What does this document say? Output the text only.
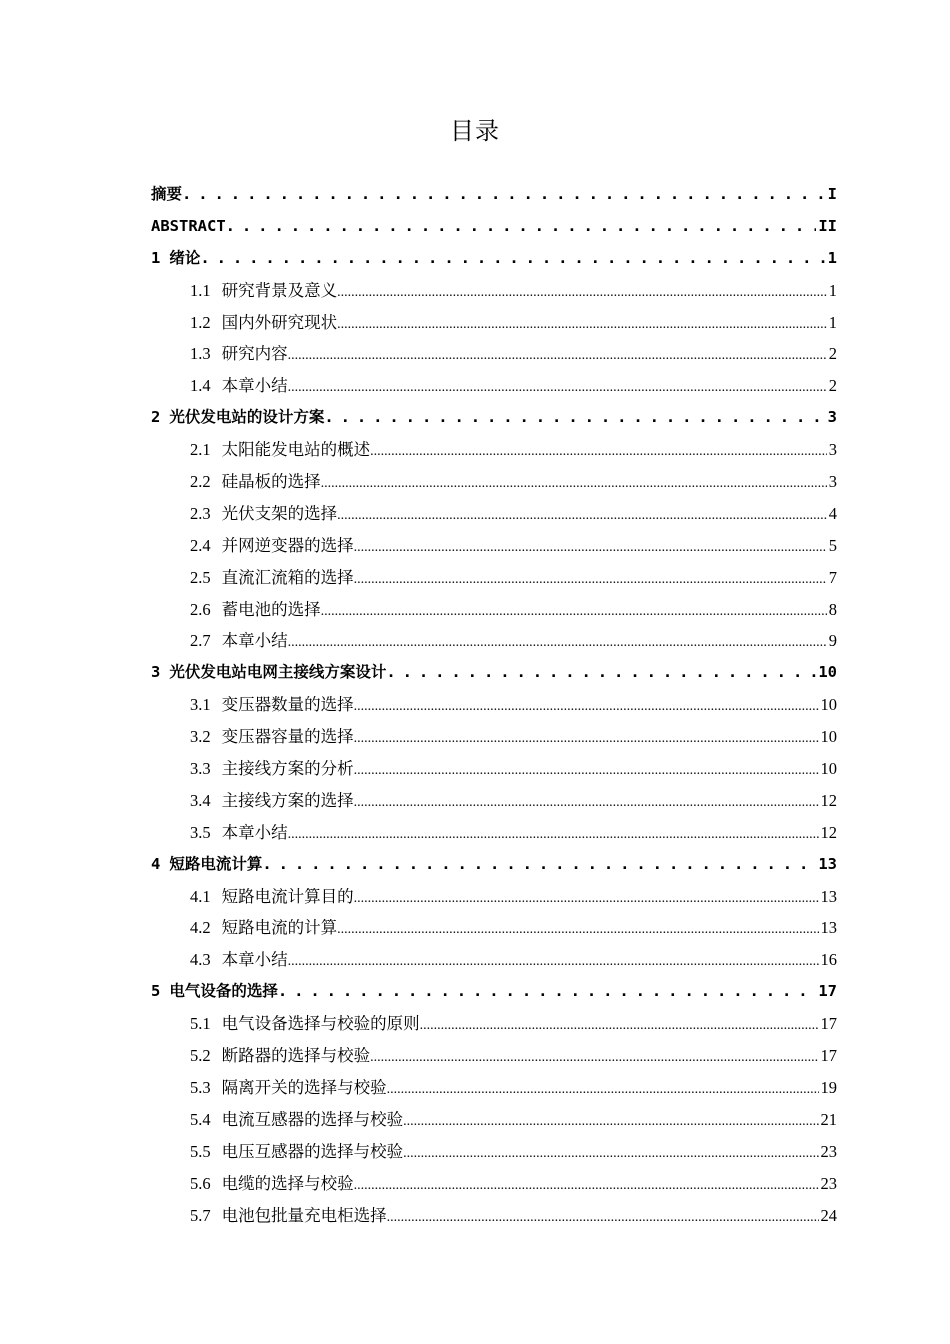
目录
摘要 . . .	I
ABSTRACT . . .	II
1 绪论 . . .	1
1.1 研究背景及意义 .....	1
1.2 国内外研究现状 .....	1
1.3 研究内容 .....	2
1.4 本章小结 .....	2
2 光伏发电站的设计方案 . . .	3
2.1 太阳能发电站的概述 .....	3
2.2 硅晶板的选择 .....	3
2.3 光伏支架的选择 .....	4
2.4 并网逆变器的选择 .....	5
2.5 直流汇流箱的选择 .....	7
2.6 蓄电池的选择 .....	8
2.7 本章小结 .....	9
3 光伏发电站电网主接线方案设计 . . .	10
3.1 变压器数量的选择 .....	10
3.2 变压器容量的选择 .....	10
3.3 主接线方案的分析 .....	10
3.4 主接线方案的选择 .....	12
3.5 本章小结 .....	12
4 短路电流计算 . . .	13
4.1 短路电流计算目的 .....	13
4.2 短路电流的计算 .....	13
4.3 本章小结 .....	16
5 电气设备的选择 . . .	17
5.1 电气设备选择与校验的原则 .....	17
5.2 断路器的选择与校验 .....	17
5.3 隔离开关的选择与校验 .....	19
5.4 电流互感器的选择与校验 .....	21
5.5 电压互感器的选择与校验 .....	23
5.6 电缆的选择与校验 .....	23
5.7 电池包批量充电柜选择 .....	24
